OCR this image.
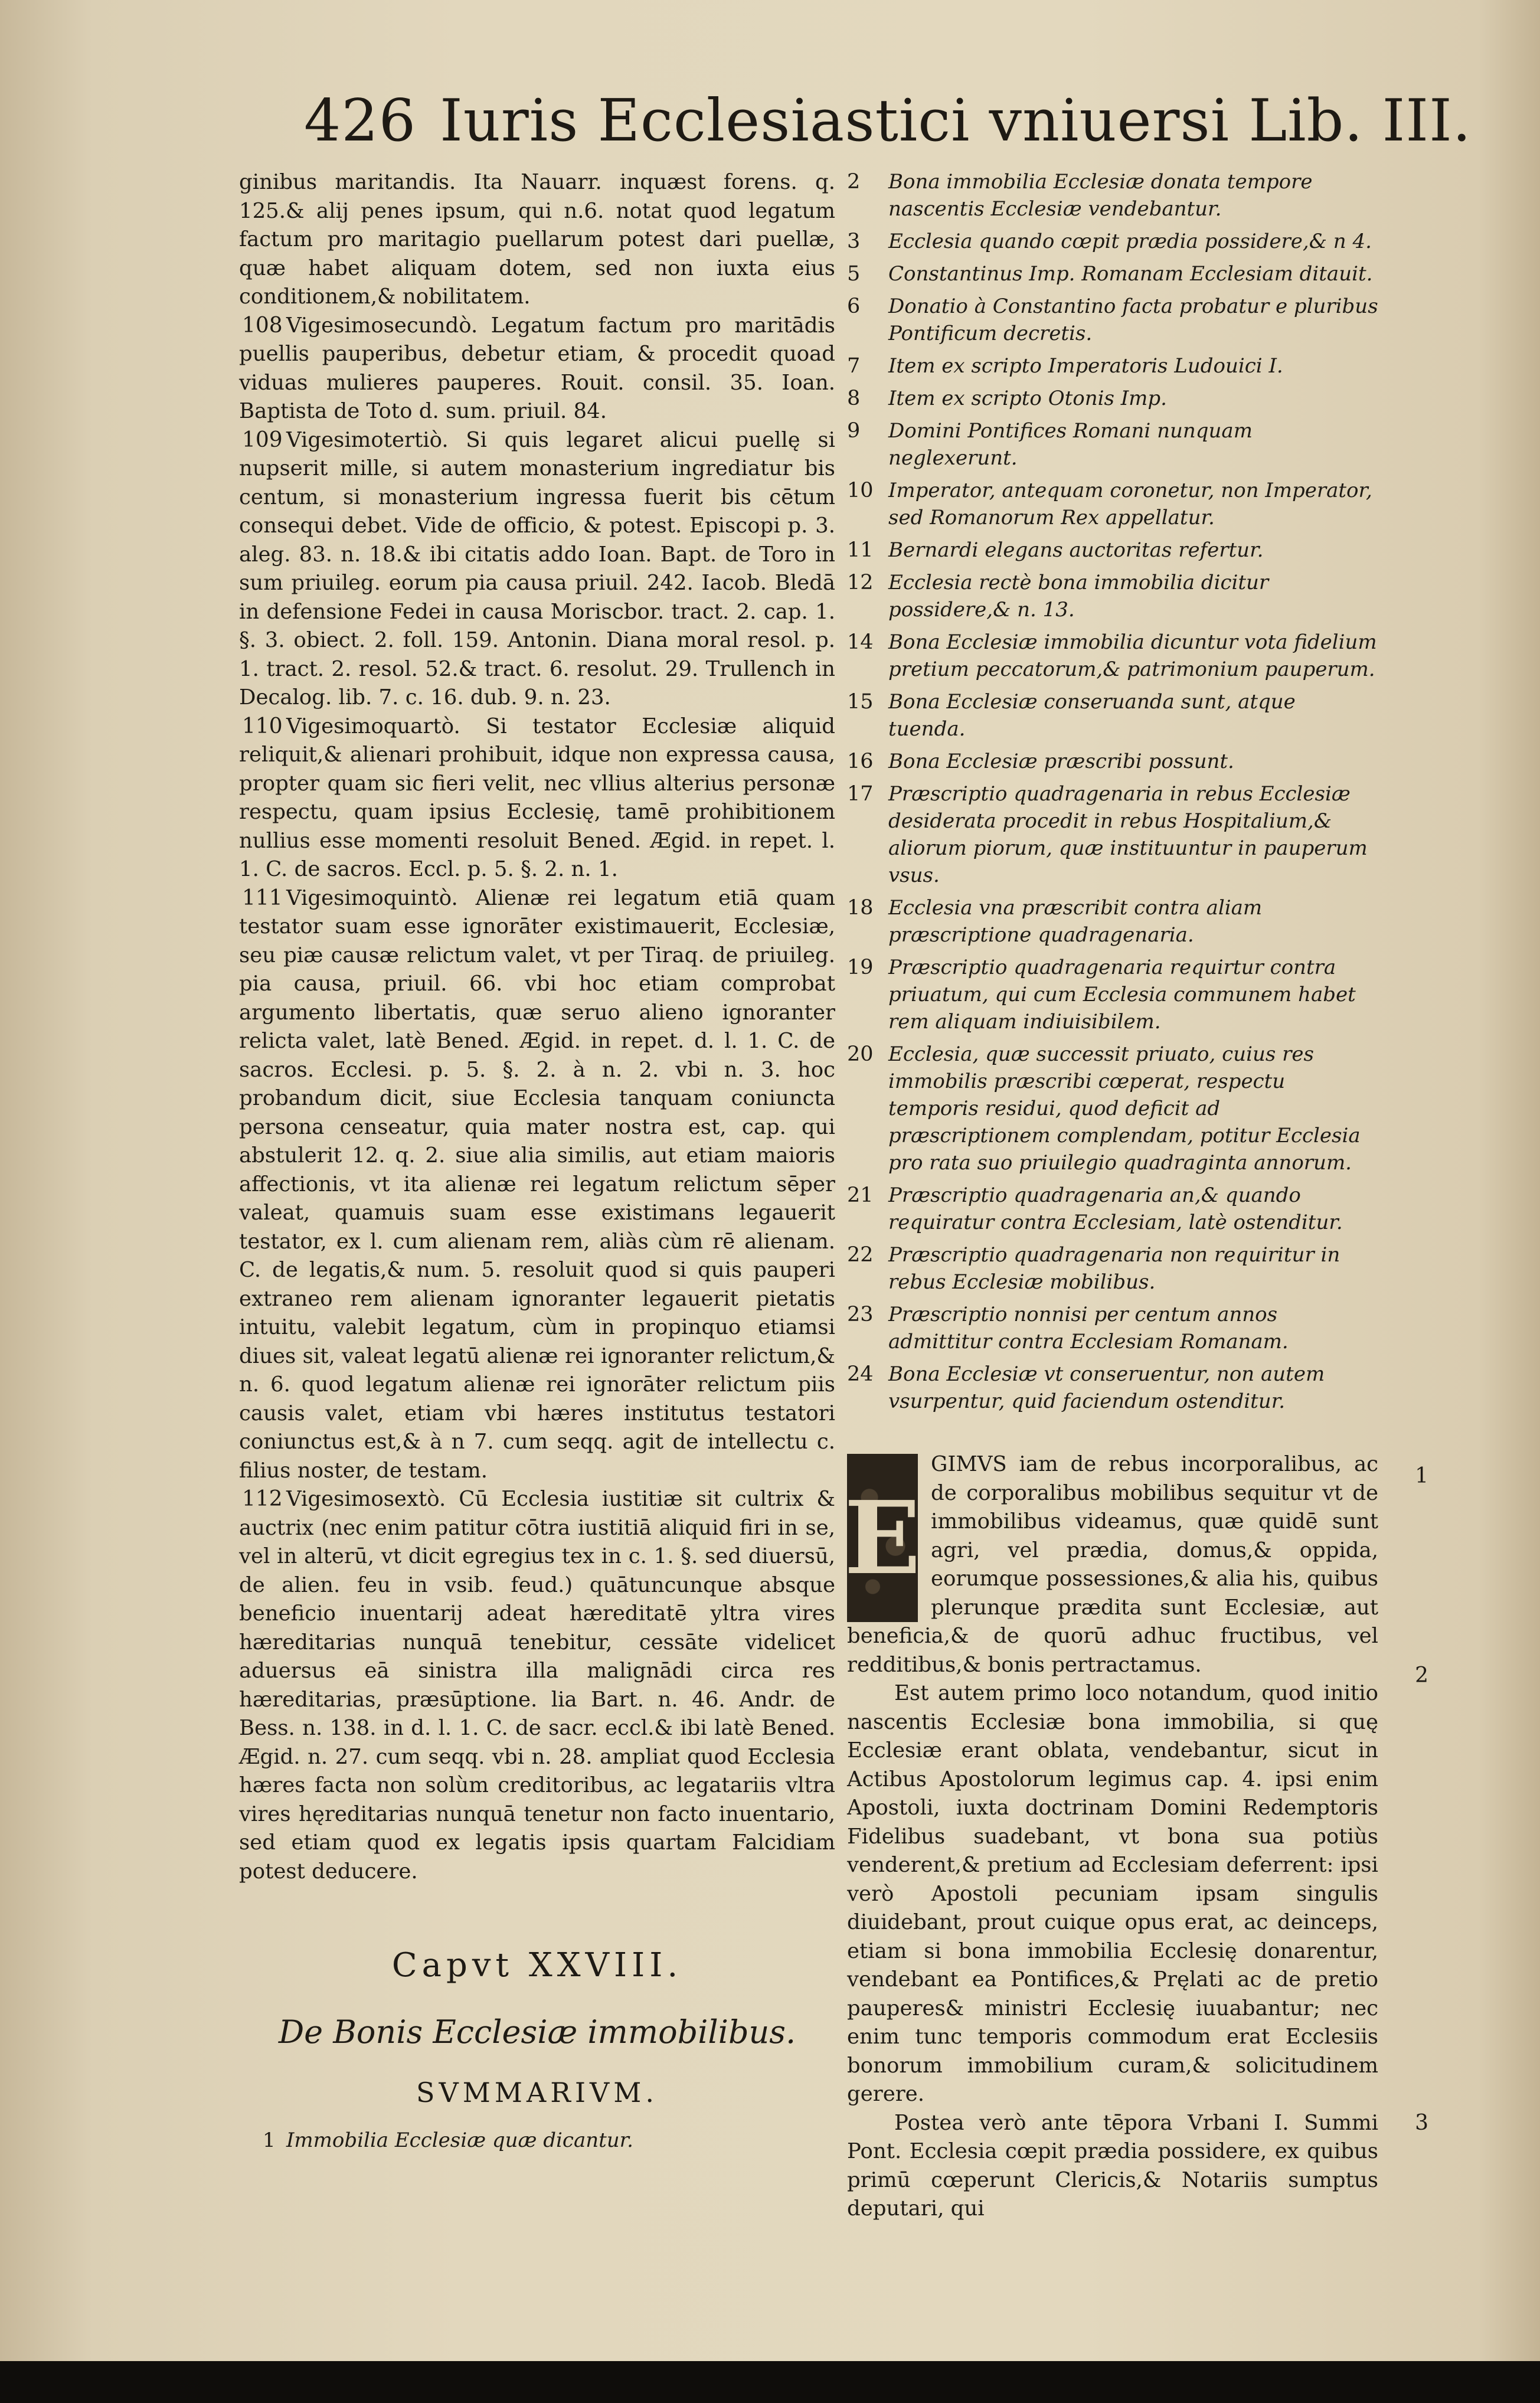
426 Iuris Ecclesiastici vniuersi Lib. III.

ginibus maritandis. Ita Nauarr. inquæst forens. q. 125.& alij penes ipsum, qui n.6. notat quod legatum factum pro maritagio puellarum potest dari puellæ, quæ habet aliquam dotem, sed non iuxta eius conditionem,& nobilitatem.

108 Vigesimosecundò. Legatum factum pro maritādis puellis pauperibus, debetur etiam, & procedit quoad viduas mulieres pauperes. Rouit. consil. 35. Ioan. Baptista de Toto d. sum. priuil. 84.

109 Vigesimotertiò. Si quis legaret alicui puellę si nupserit mille, si autem monasterium ingrediatur bis centum, si monasterium ingressa fuerit bis cētum consequi debet. Vide de officio, & potest. Episcopi p. 3. aleg. 83. n. 18.& ibi citatis addo Ioan. Bapt. de Toro in sum priuileg. eorum pia causa priuil. 242. Iacob. Bledā in defensione Fedei in causa Moriscbor. tract. 2. cap. 1. §. 3. obiect. 2. foll. 159. Antonin. Diana moral resol. p. 1. tract. 2. resol. 52.& tract. 6. resolut. 29. Trullench in Decalog. lib. 7. c. 16. dub. 9. n. 23.

110 Vigesimoquartò. Si testator Ecclesiæ aliquid reliquit,& alienari prohibuit, idque non expressa causa, propter quam sic fieri velit, nec vllius alterius personæ respectu, quam ipsius Ecclesię, tamē prohibitionem nullius esse momenti resoluit Bened. Ægid. in repet. l. 1. C. de sacros. Eccl. p. 5. §. 2. n. 1.

111 Vigesimoquintò. Alienæ rei legatum etiā quam testator suam esse ignorāter existimauerit, Ecclesiæ, seu piæ causæ relictum valet, vt per Tiraq. de priuileg. pia causa, priuil. 66. vbi hoc etiam comprobat argumento libertatis, quæ seruo alieno ignoranter relicta valet, latè Bened. Ægid. in repet. d. l. 1. C. de sacros. Ecclesi. p. 5. §. 2. à n. 2. vbi n. 3. hoc probandum dicit, siue Ecclesia tanquam coniuncta persona censeatur, quia mater nostra est, cap. qui abstulerit 12. q. 2. siue alia similis, aut etiam maioris affectionis, vt ita alienæ rei legatum relictum sēper valeat, quamuis suam esse existimans legauerit testator, ex l. cum alienam rem, aliàs cùm rē alienam. C. de legatis,& num. 5. resoluit quod si quis pauperi extraneo rem alienam ignoranter legauerit pietatis intuitu, valebit legatum, cùm in propinquo etiamsi diues sit, valeat legatū alienæ rei ignoranter relictum,& n. 6. quod legatum alienæ rei ignorāter relictum piis causis valet, etiam vbi hæres institutus testatori coniunctus est,& à n 7. cum seqq. agit de intellectu c. filius noster, de testam.

112 Vigesimosextò. Cū Ecclesia iustitiæ sit cultrix & auctrix (nec enim patitur cōtra iustitiā aliquid firi in se, vel in alterū, vt dicit egregius tex in c. 1. §. sed diuersū, de alien. feu in vsib. feud.) quātuncunque absque beneficio inuentarij adeat hæreditatē yltra vires hæreditarias nunquā tenebitur, cessāte videlicet aduersus eā sinistra illa malignādi circa res hæreditarias, præsūptione. lia Bart. n. 46. Andr. de Bess. n. 138. in d. l. 1. C. de sacr. eccl.& ibi latè Bened. Ægid. n. 27. cum seqq. vbi n. 28. ampliat quod Ecclesia hæres facta non solùm creditoribus, ac legatariis vltra vires hęreditarias nunquā tenetur non facto inuentario, sed etiam quod ex legatis ipsis quartam Falcidiam potest deducere.

Capvt XXVIII.
De Bonis Ecclesiæ immobilibus.
SVMMARIVM.
1 Immobilia Ecclesiæ quæ dicantur.
2	Bona immobilia Ecclesiæ donata tempore nascentis Ecclesiæ vendebantur.
3	Ecclesia quando cœpit prædia possidere,& n 4.
5	Constantinus Imp. Romanam Ecclesiam ditauit.
6	Donatio à Constantino facta probatur e pluribus Pontificum decretis.
7	Item ex scripto Imperatoris Ludouici I.
8	Item ex scripto Otonis Imp.
9	Domini Pontifices Romani nunquam neglexerunt.
10 Imperator, antequam coronetur, non Imperator, sed Romanorum Rex appellatur.
11 Bernardi elegans auctoritas refertur.
12 Ecclesia rectè bona immobilia dicitur possidere,& n. 13.
14 Bona Ecclesiæ immobilia dicuntur vota fidelium pretium peccatorum,& patrimonium pauperum.
15 Bona Ecclesiæ conseruanda sunt, atque tuenda.
16 Bona Ecclesiæ præscribi possunt.
17 Præscriptio quadragenaria in rebus Ecclesiæ desiderata procedit in rebus Hospitalium,& aliorum piorum, quæ instituuntur in pauperum vsus.
18 Ecclesia vna præscribit contra aliam præscriptione quadragenaria.
19 Præscriptio quadragenaria requirtur contra priuatum, qui cum Ecclesia communem habet rem aliquam indiuisibilem.
20 Ecclesia, quæ successit priuato, cuius res immobilis præscribi cœperat, respectu temporis residui, quod deficit ad præscriptionem complendam, potitur Ecclesia pro rata suo priuilegio quadraginta annorum.
21 Præscriptio quadragenaria an,& quando requiratur contra Ecclesiam, latè ostenditur.
22 Præscriptio quadragenaria non requiritur in rebus Ecclesiæ mobilibus.
23 Præscriptio nonnisi per centum annos admittitur contra Ecclesiam Romanam.
24 Bona Ecclesiæ vt conseruentur, non autem vsurpentur, quid faciendum ostenditur.
E

1
GIMVS iam de rebus incorporalibus, ac de corporalibus mobilibus sequitur vt de immobilibus videamus, quæ quidē sunt agri, vel prædia, domus,& oppida, eorumque possessiones,& alia his, quibus plerunque prædita sunt Ecclesiæ, aut beneficia,& de quorū adhuc fructibus, vel redditibus,& bonis pertractamus.	2
Est autem primo loco notandum, quod initio nascentis Ecclesiæ bona immobilia, si quę Ecclesiæ erant oblata, vendebantur, sicut in Actibus Apostolorum legimus cap. 4. ipsi enim Apostoli, iuxta doctrinam Domini Redemptoris Fidelibus suadebant, vt bona sua potiùs venderent,& pretium ad Ecclesiam deferrent: ipsi verò Apostoli pecuniam ipsam singulis diuidebant, prout cuique opus erat, ac deinceps, etiam si bona immobilia Ecclesię donarentur, vendebant ea Pontifices,& Pręlati ac de pretio pauperes& ministri Ecclesię iuuabantur; nec enim tunc temporis commodum erat Ecclesiis bonorum immobilium curam,& solicitudinem gerere.

3
Postea verò ante tēpora Vrbani I. Summi Pont. Ecclesia cœpit prædia possidere, ex quibus primū cœperunt Clericis,& Notariis sumptus deputari, qui
